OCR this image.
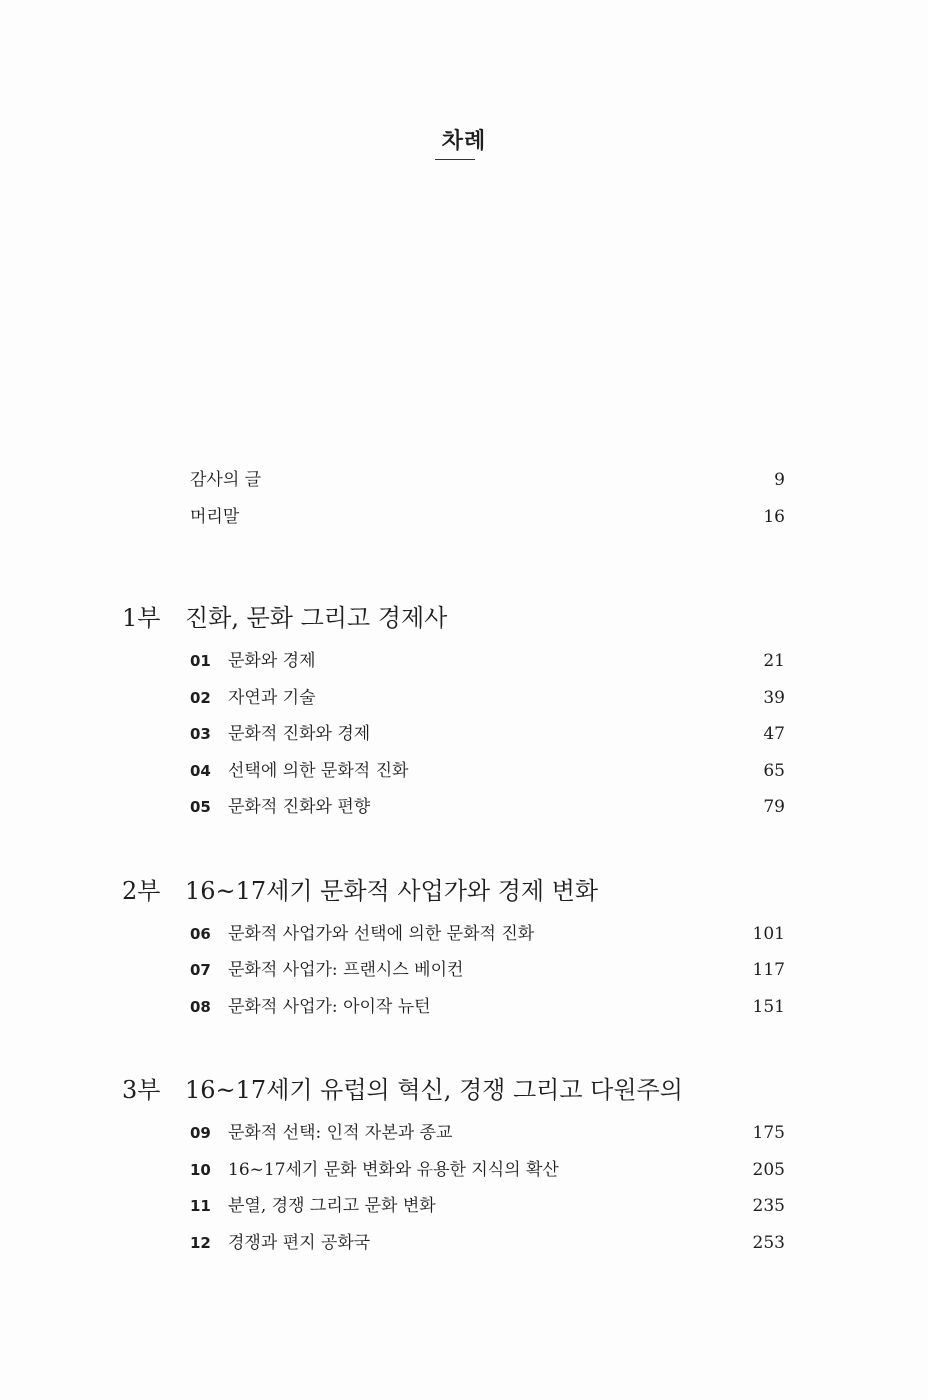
차례
감사의 글	9
머리말	16
1부 진화, 문화 그리고 경제사
01 문화와 경제	21
02 자연과 기술	39
03 문화적 진화와 경제	47
04 선택에 의한 문화적 진화	65
05 문화적 진화와 편향	79
2부 16~17세기 문화적 사업가와 경제 변화
06 문화적 사업가와 선택에 의한 문화적 진화	101
07 문화적 사업가: 프랜시스 베이컨	117
08 문화적 사업가: 아이작 뉴턴	151
3부 16~17세기 유럽의 혁신, 경쟁 그리고 다원주의
09 문화적 선택: 인적 자본과 종교	175
10 16~17세기 문화 변화와 유용한 지식의 확산	205
11 분열, 경쟁 그리고 문화 변화	235
12 경쟁과 편지 공화국	253
